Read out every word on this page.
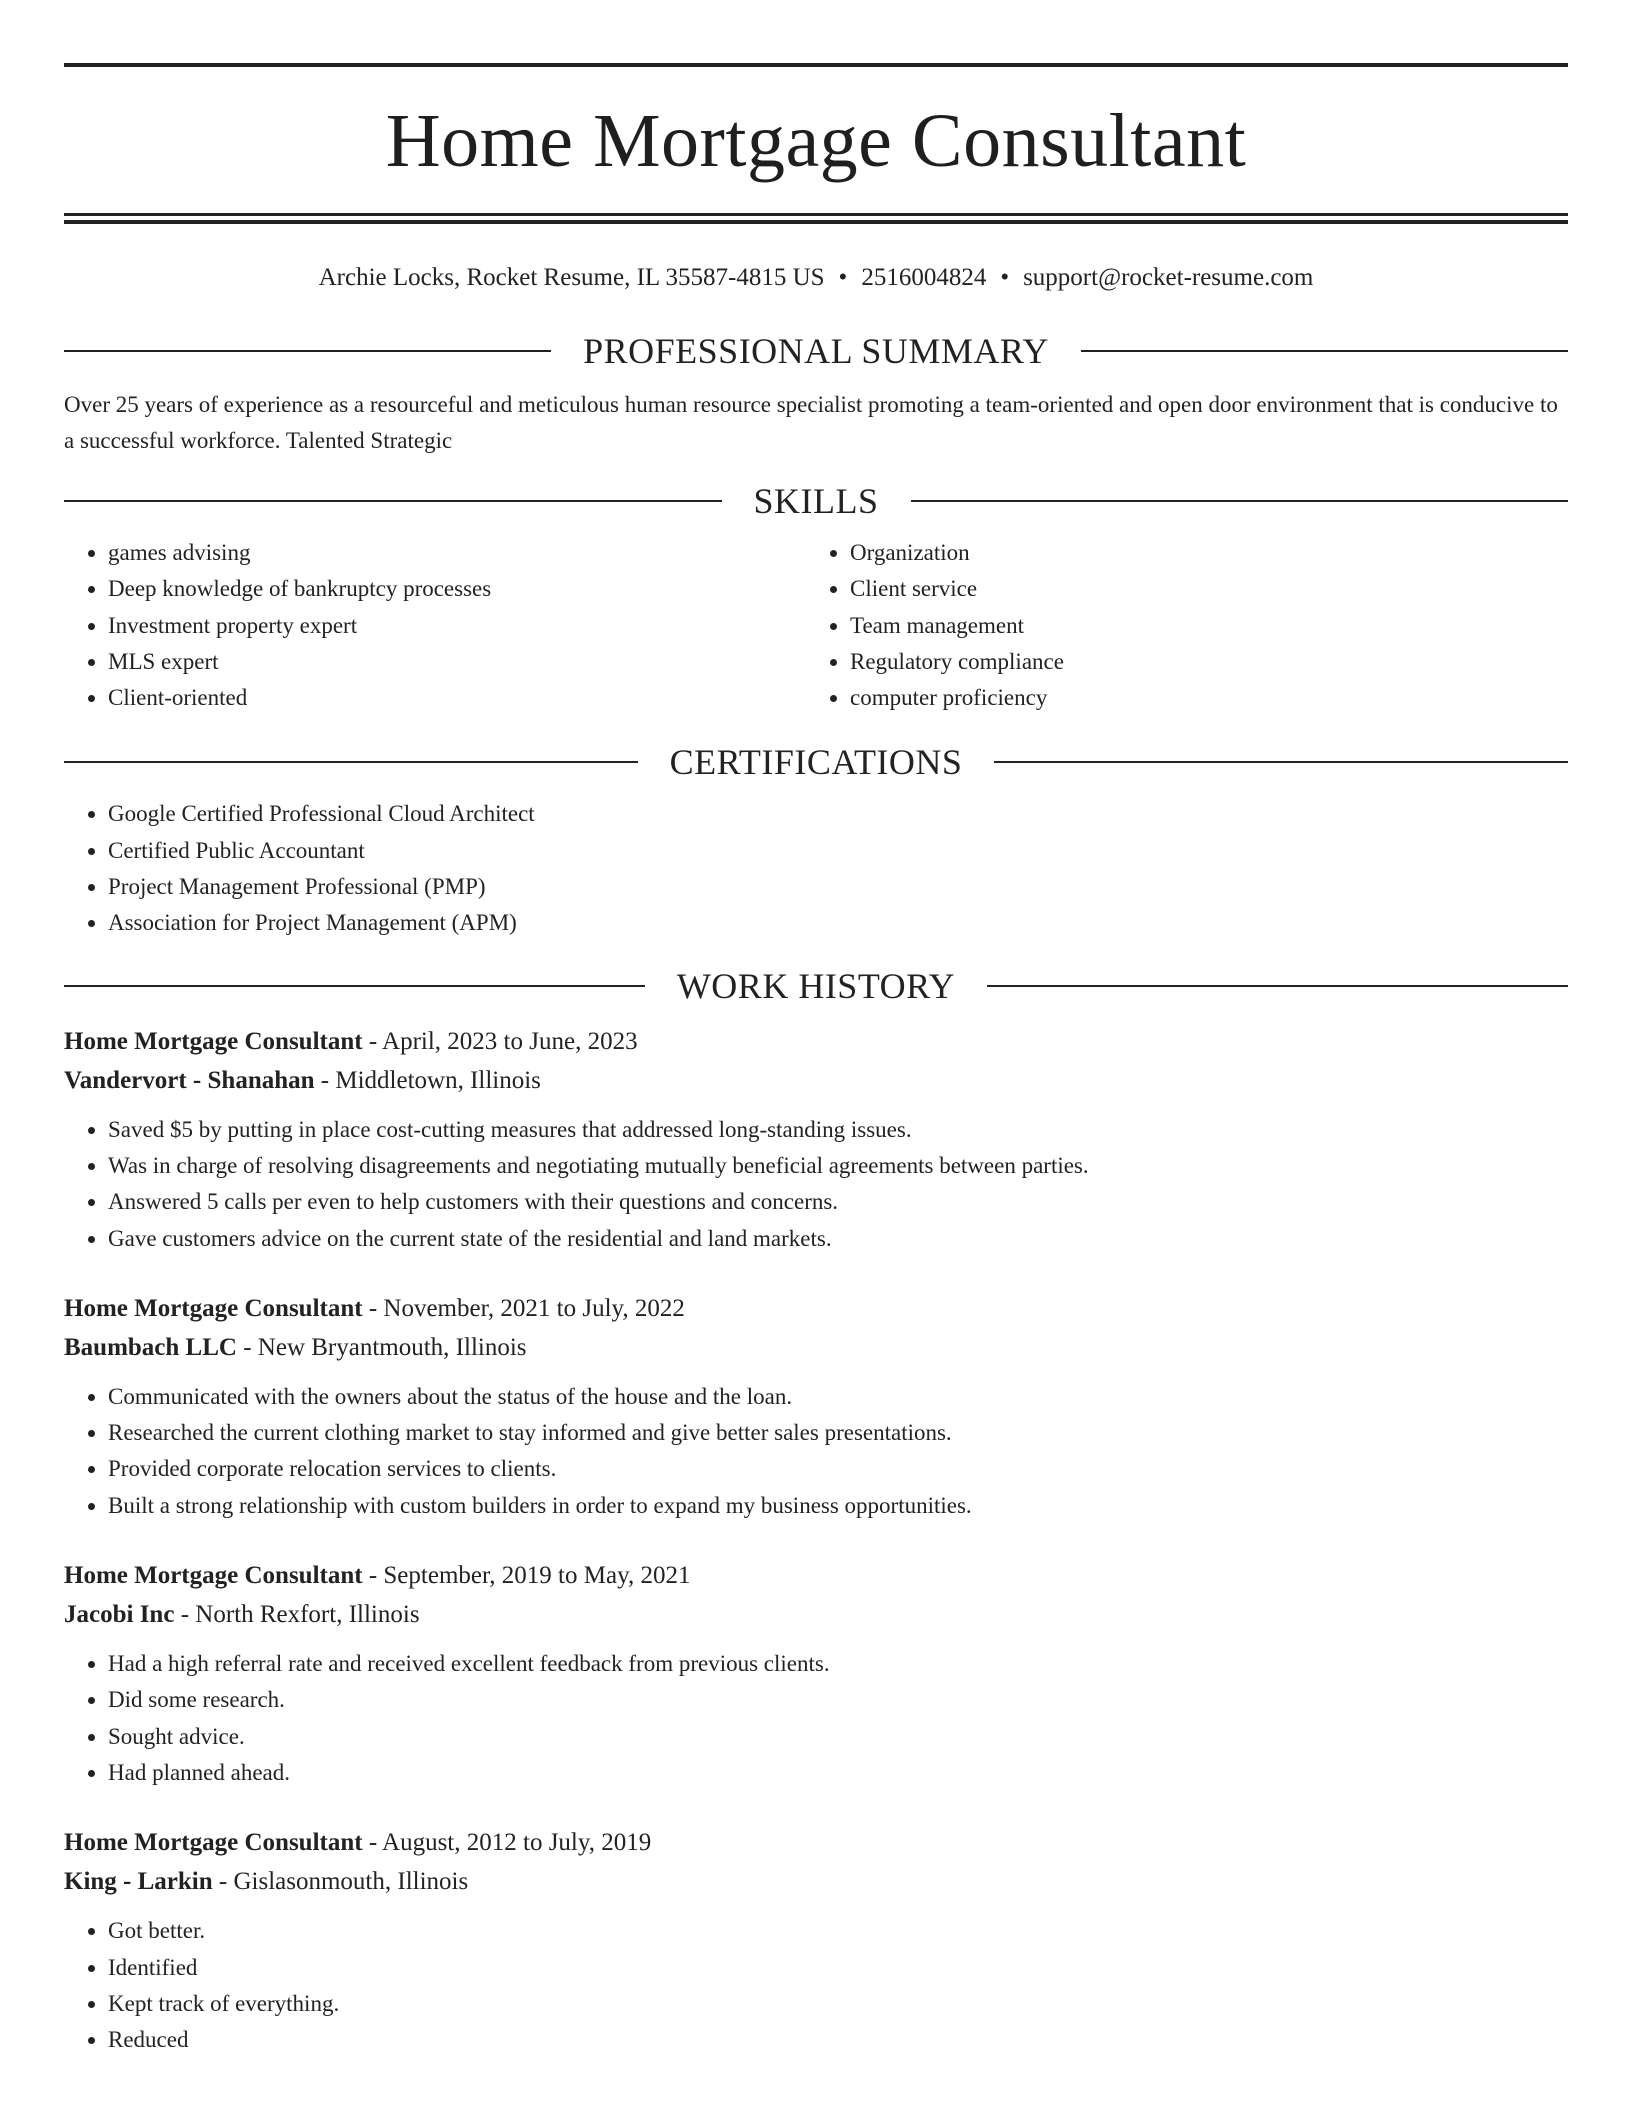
Home Mortgage Consultant
Archie Locks, Rocket Resume, IL 35587-4815 US • 2516004824 • support@rocket-resume.com
PROFESSIONAL SUMMARY
Over 25 years of experience as a resourceful and meticulous human resource specialist promoting a team-oriented and open door environment that is conducive to a successful workforce. Talented Strategic
SKILLS
• games advising
• Deep knowledge of bankruptcy processes
• Investment property expert
• MLS expert
• Client-oriented
• Organization
• Client service
• Team management
• Regulatory compliance
• computer proficiency
CERTIFICATIONS
• Google Certified Professional Cloud Architect
• Certified Public Accountant
• Project Management Professional (PMP)
• Association for Project Management (APM)
WORK HISTORY
Home Mortgage Consultant - April, 2023 to June, 2023
Vandervort - Shanahan - Middletown, Illinois
• Saved $5 by putting in place cost-cutting measures that addressed long-standing issues.
• Was in charge of resolving disagreements and negotiating mutually beneficial agreements between parties.
• Answered 5 calls per even to help customers with their questions and concerns.
• Gave customers advice on the current state of the residential and land markets.
Home Mortgage Consultant - November, 2021 to July, 2022
Baumbach LLC - New Bryantmouth, Illinois
• Communicated with the owners about the status of the house and the loan.
• Researched the current clothing market to stay informed and give better sales presentations.
• Provided corporate relocation services to clients.
• Built a strong relationship with custom builders in order to expand my business opportunities.
Home Mortgage Consultant - September, 2019 to May, 2021
Jacobi Inc - North Rexfort, Illinois
• Had a high referral rate and received excellent feedback from previous clients.
• Did some research.
• Sought advice.
• Had planned ahead.
Home Mortgage Consultant - August, 2012 to July, 2019
King - Larkin - Gislasonmouth, Illinois
• Got better.
• Identified
• Kept track of everything.
• Reduced
